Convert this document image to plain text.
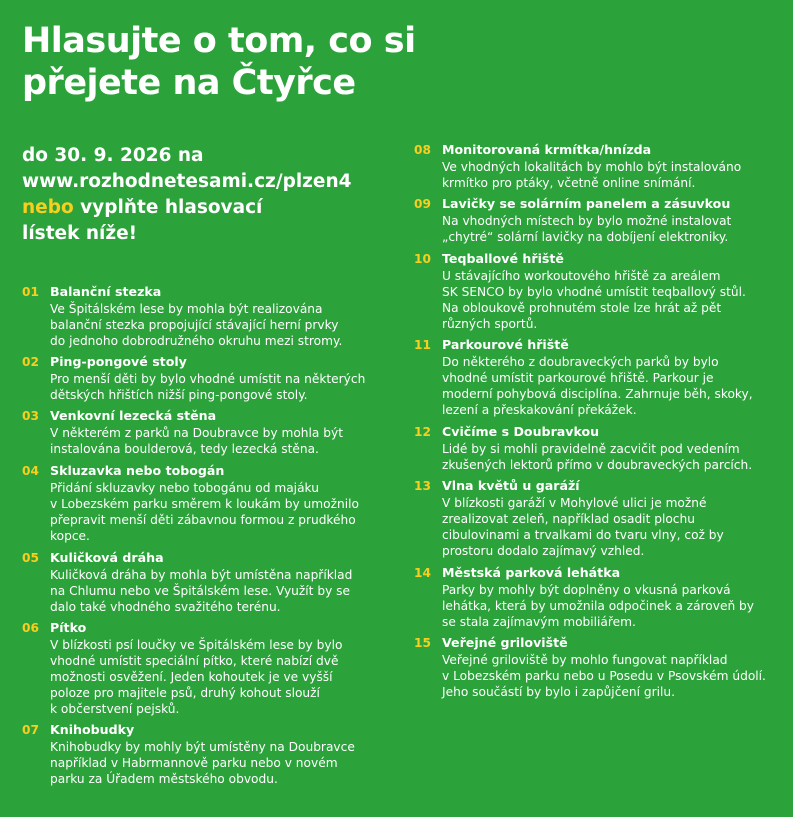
Hlasujte o tom, co si
přejete na Čtyřce
do 30. 9. 2026 na
www.rozhodnetesami.cz/plzen4
nebo vyplňte hlasovací
lístek níže!
01 Balanční stezka
Ve Špitálském lese by mohla být realizována
balanční stezka propojující stávající herní prvky
do jednoho dobrodružného okruhu mezi stromy.
02 Ping-pongové stoly
Pro menší děti by bylo vhodné umístit na některých
dětských hřištích nižší ping-pongové stoly.
03 Venkovní lezecká stěna
V některém z parků na Doubravce by mohla být
instalována boulderová, tedy lezecká stěna.
04 Skluzavka nebo tobogán
Přidání skluzavky nebo tobogánu od majáku
v Lobezském parku směrem k loukám by umožnilo
přepravit menší děti zábavnou formou z prudkého
kopce.
05 Kuličková dráha
Kuličková dráha by mohla být umístěna například
na Chlumu nebo ve Špitálském lese. Využít by se
dalo také vhodného svažitého terénu.
06 Pítko
V blízkosti psí loučky ve Špitálském lese by bylo
vhodné umístit speciální pítko, které nabízí dvě
možnosti osvěžení. Jeden kohoutek je ve vyšší
poloze pro majitele psů, druhý kohout slouží
k občerstvení pejsků.
07 Knihobudky
Knihobudky by mohly být umístěny na Doubravce
například v Habrmannově parku nebo v novém
parku za Úřadem městského obvodu.
08 Monitorovaná krmítka/hnízda
Ve vhodných lokalitách by mohlo být instalováno
krmítko pro ptáky, včetně online snímání.
09 Lavičky se solárním panelem a zásuvkou
Na vhodných místech by bylo možné instalovat
„chytré“ solární lavičky na dobíjení elektroniky.
10 Teqballové hřiště
U stávajícího workoutového hřiště za areálem
SK SENCO by bylo vhodné umístit teqballový stůl.
Na obloukově prohnutém stole lze hrát až pět
různých sportů.
11 Parkourové hřiště
Do některého z doubraveckých parků by bylo
vhodné umístit parkourové hřiště. Parkour je
moderní pohybová disciplína. Zahrnuje běh, skoky,
lezení a přeskakování překážek.
12 Cvičíme s Doubravkou
Lidé by si mohli pravidelně zacvičit pod vedením
zkušených lektorů přímo v doubraveckých parcích.
13 Vlna květů u garáží
V blízkosti garáží v Mohylové ulici je možné
zrealizovat zeleň, například osadit plochu
cibulovinami a trvalkami do tvaru vlny, což by
prostoru dodalo zajímavý vzhled.
14 Městská parková lehátka
Parky by mohly být doplněny o vkusná parková
lehátka, která by umožnila odpočinek a zároveň by
se stala zajímavým mobiliářem.
15 Veřejné griloviště
Veřejné griloviště by mohlo fungovat například
v Lobezském parku nebo u Posedu v Psovském údolí.
Jeho součástí by bylo i zapůjčení grilu.
